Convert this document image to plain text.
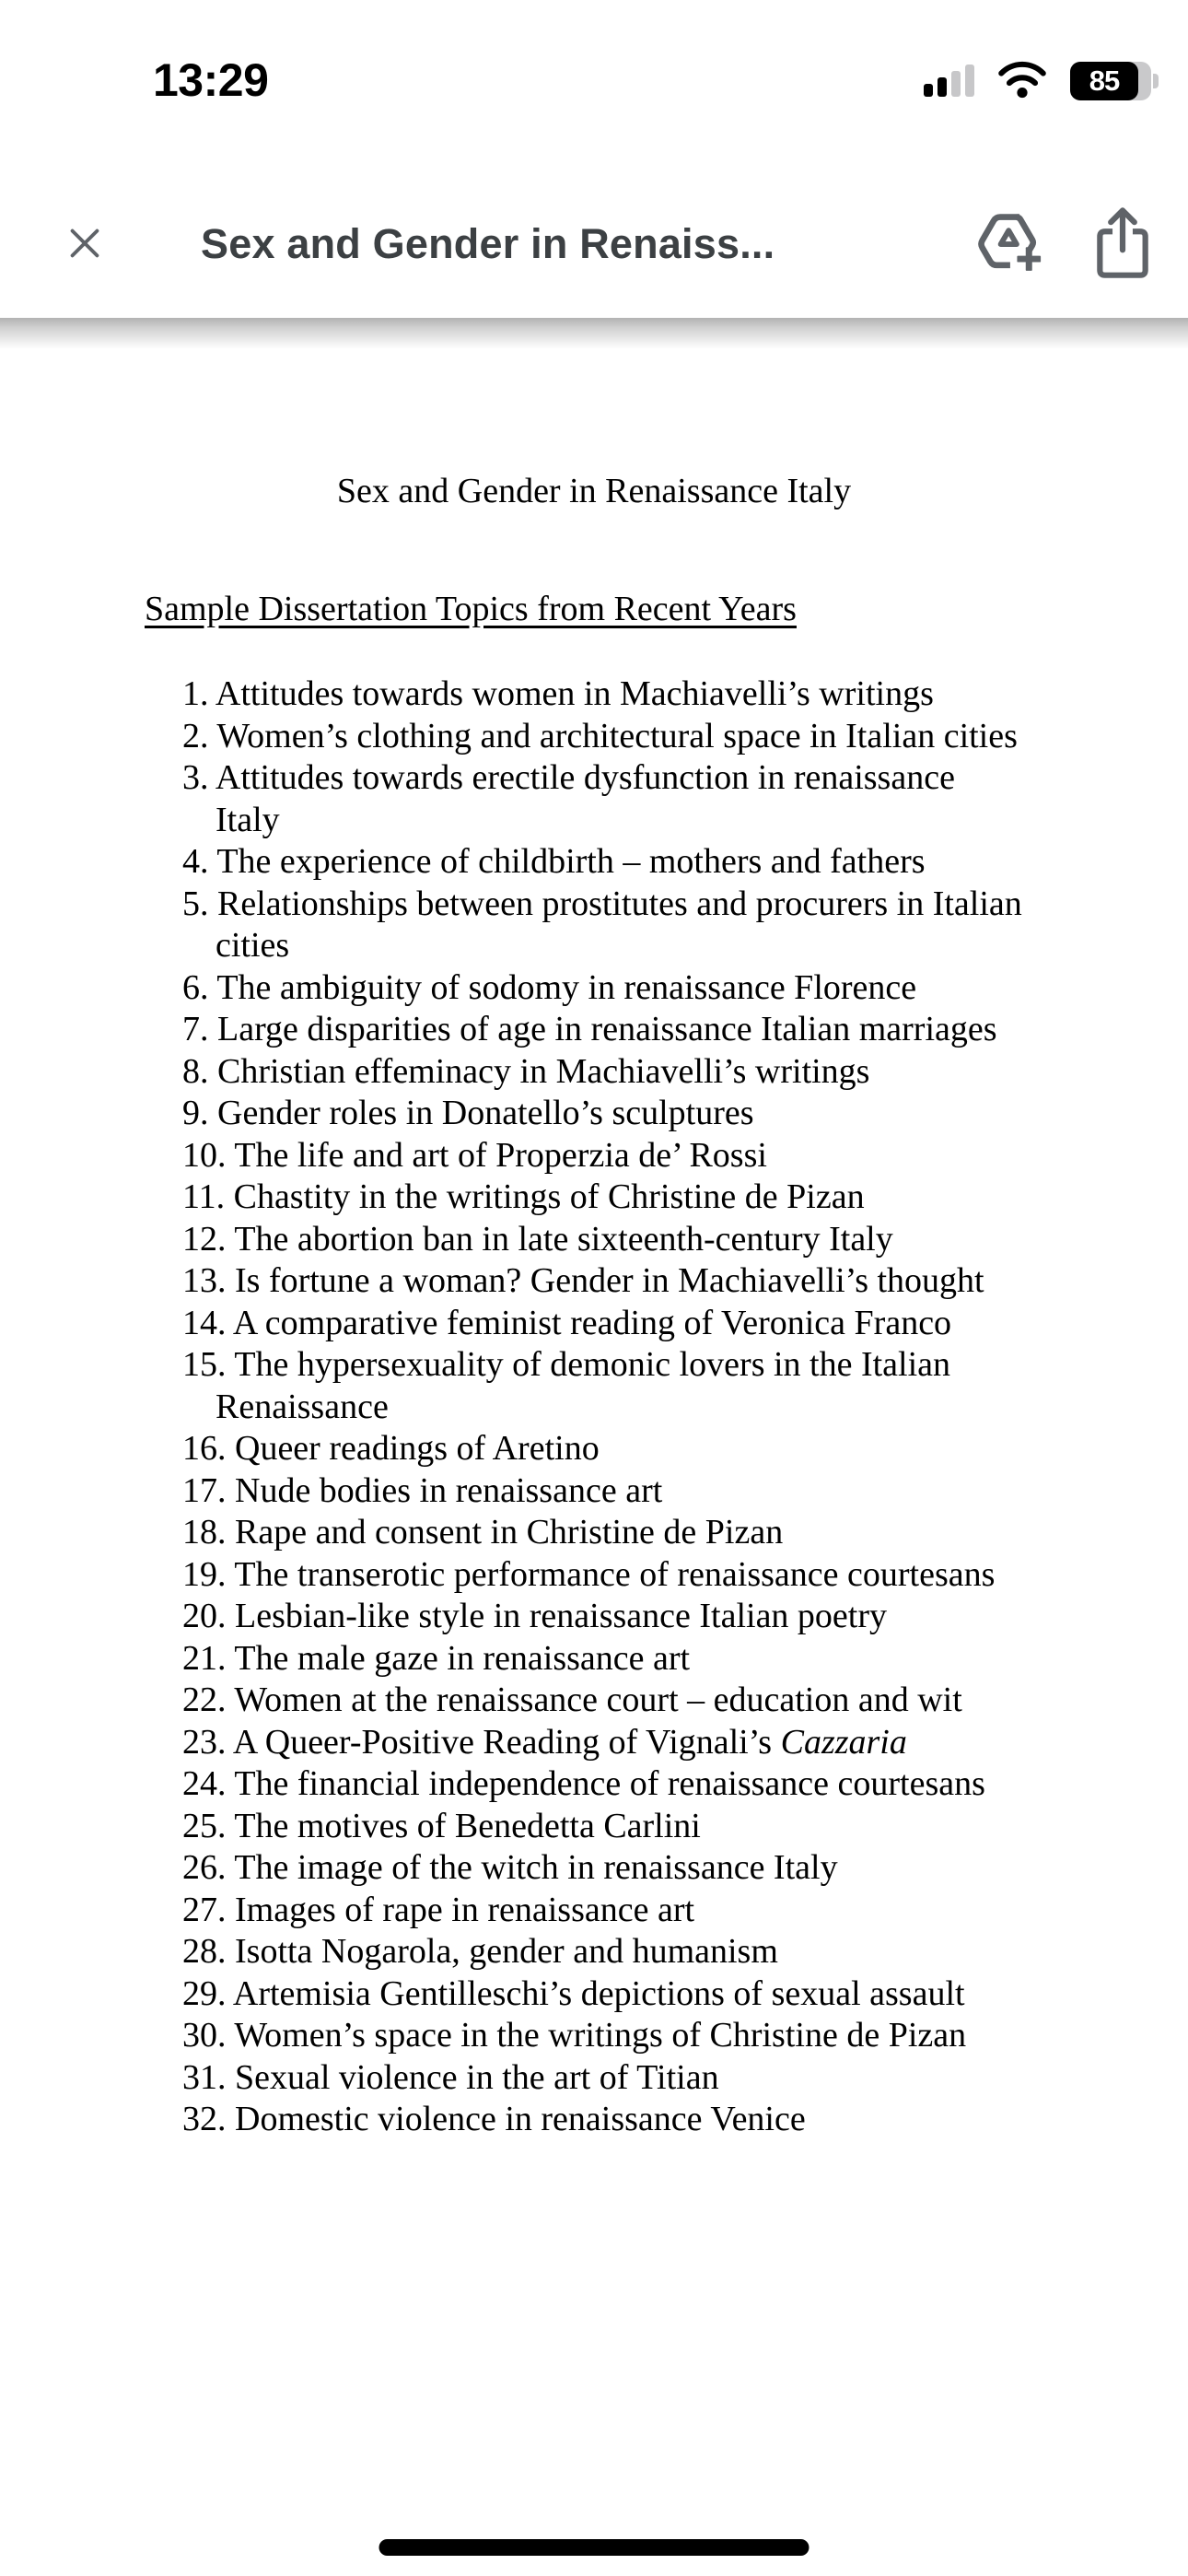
13:29	85
Sex and Gender in Renaiss...
Sex and Gender in Renaissance Italy
Sample Dissertation Topics from Recent Years
1. Attitudes towards women in Machiavelli’s writings
2. Women’s clothing and architectural space in Italian cities
3. Attitudes towards erectile dysfunction in renaissance
Italy
4. The experience of childbirth – mothers and fathers
5. Relationships between prostitutes and procurers in Italian
cities
6. The ambiguity of sodomy in renaissance Florence
7. Large disparities of age in renaissance Italian marriages
8. Christian effeminacy in Machiavelli’s writings
9. Gender roles in Donatello’s sculptures
10. The life and art of Properzia de’ Rossi
11. Chastity in the writings of Christine de Pizan
12. The abortion ban in late sixteenth-century Italy
13. Is fortune a woman? Gender in Machiavelli’s thought
14. A comparative feminist reading of Veronica Franco
15. The hypersexuality of demonic lovers in the Italian
Renaissance
16. Queer readings of Aretino
17. Nude bodies in renaissance art
18. Rape and consent in Christine de Pizan
19. The transerotic performance of renaissance courtesans
20. Lesbian-like style in renaissance Italian poetry
21. The male gaze in renaissance art
22. Women at the renaissance court – education and wit
23. A Queer-Positive Reading of Vignali’s Cazzaria
24. The financial independence of renaissance courtesans
25. The motives of Benedetta Carlini
26. The image of the witch in renaissance Italy
27. Images of rape in renaissance art
28. Isotta Nogarola, gender and humanism
29. Artemisia Gentilleschi’s depictions of sexual assault
30. Women’s space in the writings of Christine de Pizan
31. Sexual violence in the art of Titian
32. Domestic violence in renaissance Venice
